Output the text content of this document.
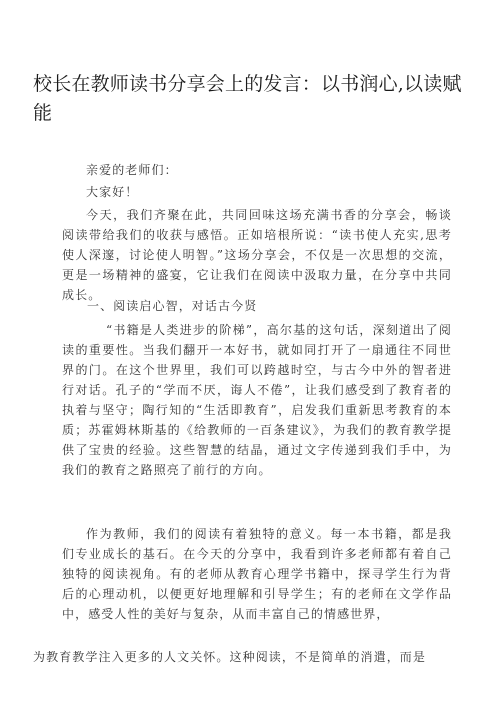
校长在教师读书分享会上的发言：以书润心,以读赋能

亲爱的老师们：

大家好！

今天，我们齐聚在此，共同回味这场充满书香的分享会，畅谈阅读带给我们的收获与感悟。正如培根所说：“读书使人充实,思考使人深邃，讨论使人明智。”这场分享会，不仅是一次思想的交流，更是一场精神的盛宴，它让我们在阅读中汲取力量，在分享中共同成长。

一、阅读启心智，对话古今贤

“书籍是人类进步的阶梯”，高尔基的这句话，深刻道出了阅读的重要性。当我们翻开一本好书，就如同打开了一扇通往不同世界的门。在这个世界里，我们可以跨越时空，与古今中外的智者进行对话。孔子的“学而不厌，诲人不倦”，让我们感受到了教育者的执着与坚守；陶行知的“生活即教育”，启发我们重新思考教育的本质；苏霍姆林斯基的《给教师的一百条建议》，为我们的教育教学提供了宝贵的经验。这些智慧的结晶，通过文字传递到我们手中，为我们的教育之路照亮了前行的方向。

作为教师，我们的阅读有着独特的意义。每一本书籍，都是我们专业成长的基石。在今天的分享中，我看到许多老师都有着自己独特的阅读视角。有的老师从教育心理学书籍中，探寻学生行为背后的心理动机，以便更好地理解和引导学生；有的老师在文学作品中，感受人性的美好与复杂，从而丰富自己的情感世界，

为教育教学注入更多的人文关怀。这种阅读，不是简单的消遣，而是
